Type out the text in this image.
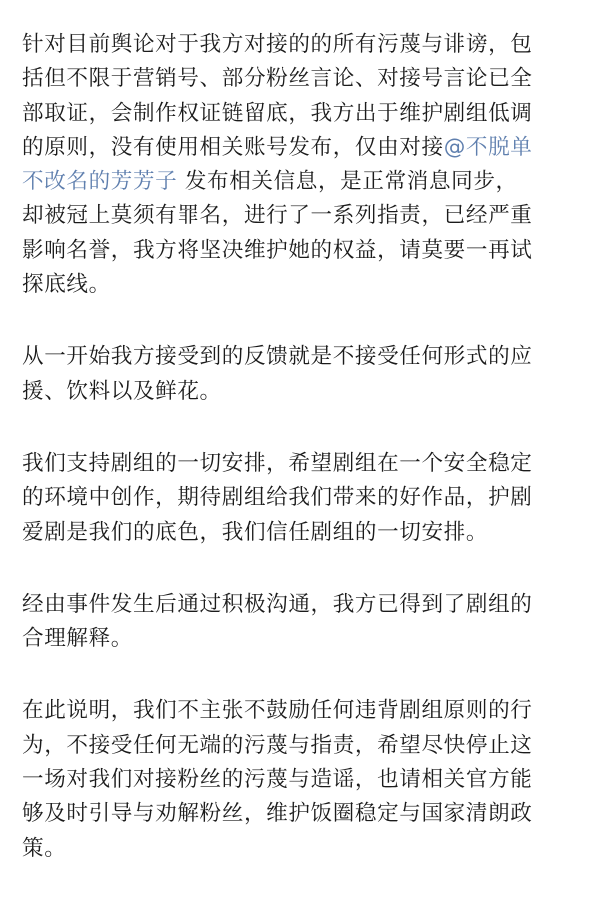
针对目前舆论对于我方对接的的所有污蔑与诽谤，包
括但不限于营销号、部分粉丝言论、对接号言论已全
部取证，会制作权证链留底，我方出于维护剧组低调
的原则，没有使用相关账号发布，仅由对接@不脱单
不改名的芳芳子 发布相关信息，是正常消息同步，
却被冠上莫须有罪名，进行了一系列指责，已经严重
影响名誉，我方将坚决维护她的权益，请莫要一再试
探底线。

从一开始我方接受到的反馈就是不接受任何形式的应
援、饮料以及鲜花。

我们支持剧组的一切安排，希望剧组在一个安全稳定
的环境中创作，期待剧组给我们带来的好作品，护剧
爱剧是我们的底色，我们信任剧组的一切安排。

经由事件发生后通过积极沟通，我方已得到了剧组的
合理解释。

在此说明，我们不主张不鼓励任何违背剧组原则的行
为，不接受任何无端的污蔑与指责，希望尽快停止这
一场对我们对接粉丝的污蔑与造谣，也请相关官方能
够及时引导与劝解粉丝，维护饭圈稳定与国家清朗政
策。
